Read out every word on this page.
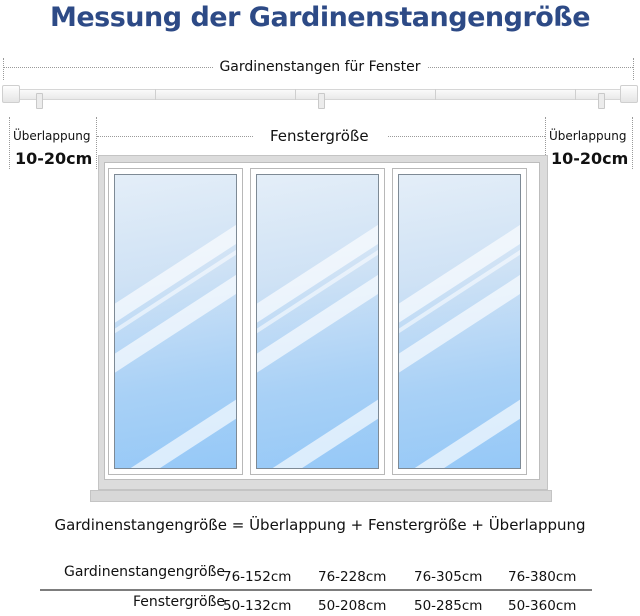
Messung der Gardinenstangengröße
Gardinenstangen für Fenster
Überlappung
10-20cm
Überlappung
10-20cm
Fenstergröße
Gardinenstangengröße = Überlappung + Fenstergröße + Überlappung
Gardinenstangengröße
76-152cm 76-228cm 76-305cm 76-380cm
Fenstergröße
50-132cm 50-208cm 50-285cm 50-360cm
